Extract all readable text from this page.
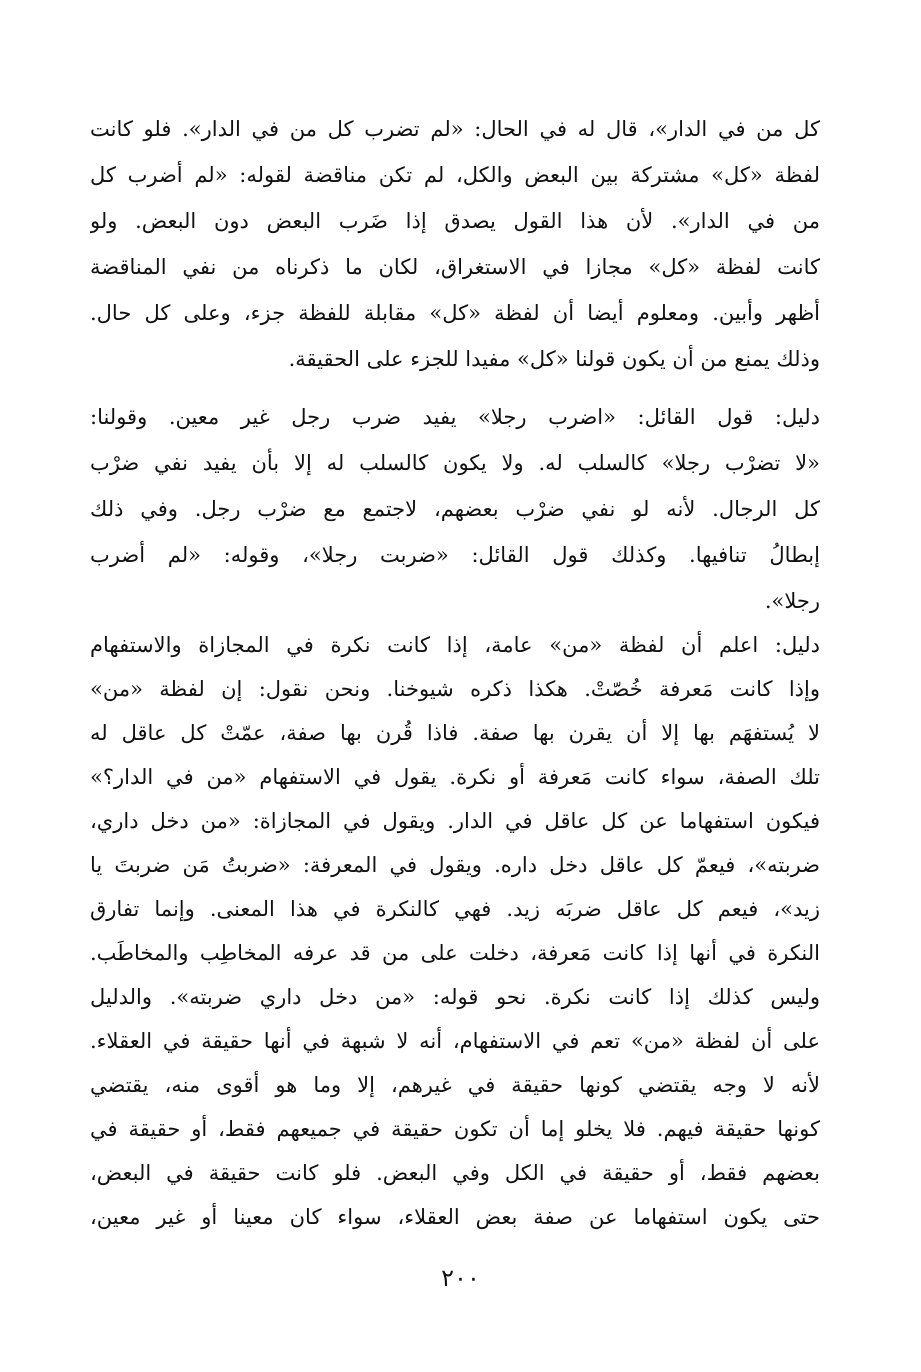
كل من في الدار»، قال له في الحال: «لم تضرب كل من في الدار». فلو كانت
لفظة «كل» مشتركة بين البعض والكل، لم تكن مناقضة لقوله: «لم أضرب كل
من في الدار». لأن هذا القول يصدق إذا ضَرب البعض دون البعض. ولو
كانت لفظة «كل» مجازا في الاستغراق، لكان ما ذكرناه من نفي المناقضة
أظهر وأبين. ومعلوم أيضا أن لفظة «كل» مقابلة للفظة جزء، وعلى كل حال.
وذلك يمنع من أن يكون قولنا «كل» مفيدا للجزء على الحقيقة.
دليل: قول القائل: «اضرب رجلا» يفيد ضرب رجل غير معين. وقولنا:
«لا تضرْب رجلا» كالسلب له. ولا يكون كالسلب له إلا بأن يفيد نفي ضرْب
كل الرجال. لأنه لو نفي ضرْب بعضهم، لاجتمع مع ضرْب رجل. وفي ذلك
إبطالُ تنافيها. وكذلك قول القائل: «ضربت رجلا»، وقوله: «لم أضرب
رجلا».
دليل: اعلم أن لفظة «من» عامة، إذا كانت نكرة في المجازاة والاستفهام
وإذا كانت مَعرفة خُصّتْ. هكذا ذكره شيوخنا. ونحن نقول: إن لفظة «من»
لا يُستفهَم بها إلا أن يقرن بها صفة. فاذا قُرن بها صفة، عمّتْ كل عاقل له
تلك الصفة، سواء كانت مَعرفة أو نكرة. يقول في الاستفهام «من في الدار؟»
فيكون استفهاما عن كل عاقل في الدار. ويقول في المجازاة: «من دخل داري،
ضربته»، فيعمّ كل عاقل دخل داره. ويقول في المعرفة: «ضربتُ مَن ضربتَ يا
زيد»، فيعم كل عاقل ضربَه زيد. فهي كالنكرة في هذا المعنى. وإنما تفارق
النكرة في أنها إذا كانت مَعرفة، دخلت على من قد عرفه المخاطِب والمخاطَب.
وليس كذلك إذا كانت نكرة. نحو قوله: «من دخل داري ضربته». والدليل
على أن لفظة «من» تعم في الاستفهام، أنه لا شبهة في أنها حقيقة في العقلاء.
لأنه لا وجه يقتضي كونها حقيقة في غيرهم، إلا وما هو أقوى منه، يقتضي
كونها حقيقة فيهم. فلا يخلو إما أن تكون حقيقة في جميعهم فقط، أو حقيقة في
بعضهم فقط، أو حقيقة في الكل وفي البعض. فلو كانت حقيقة في البعض،
حتى يكون استفهاما عن صفة بعض العقلاء، سواء كان معينا أو غير معين،
٢٠٠
